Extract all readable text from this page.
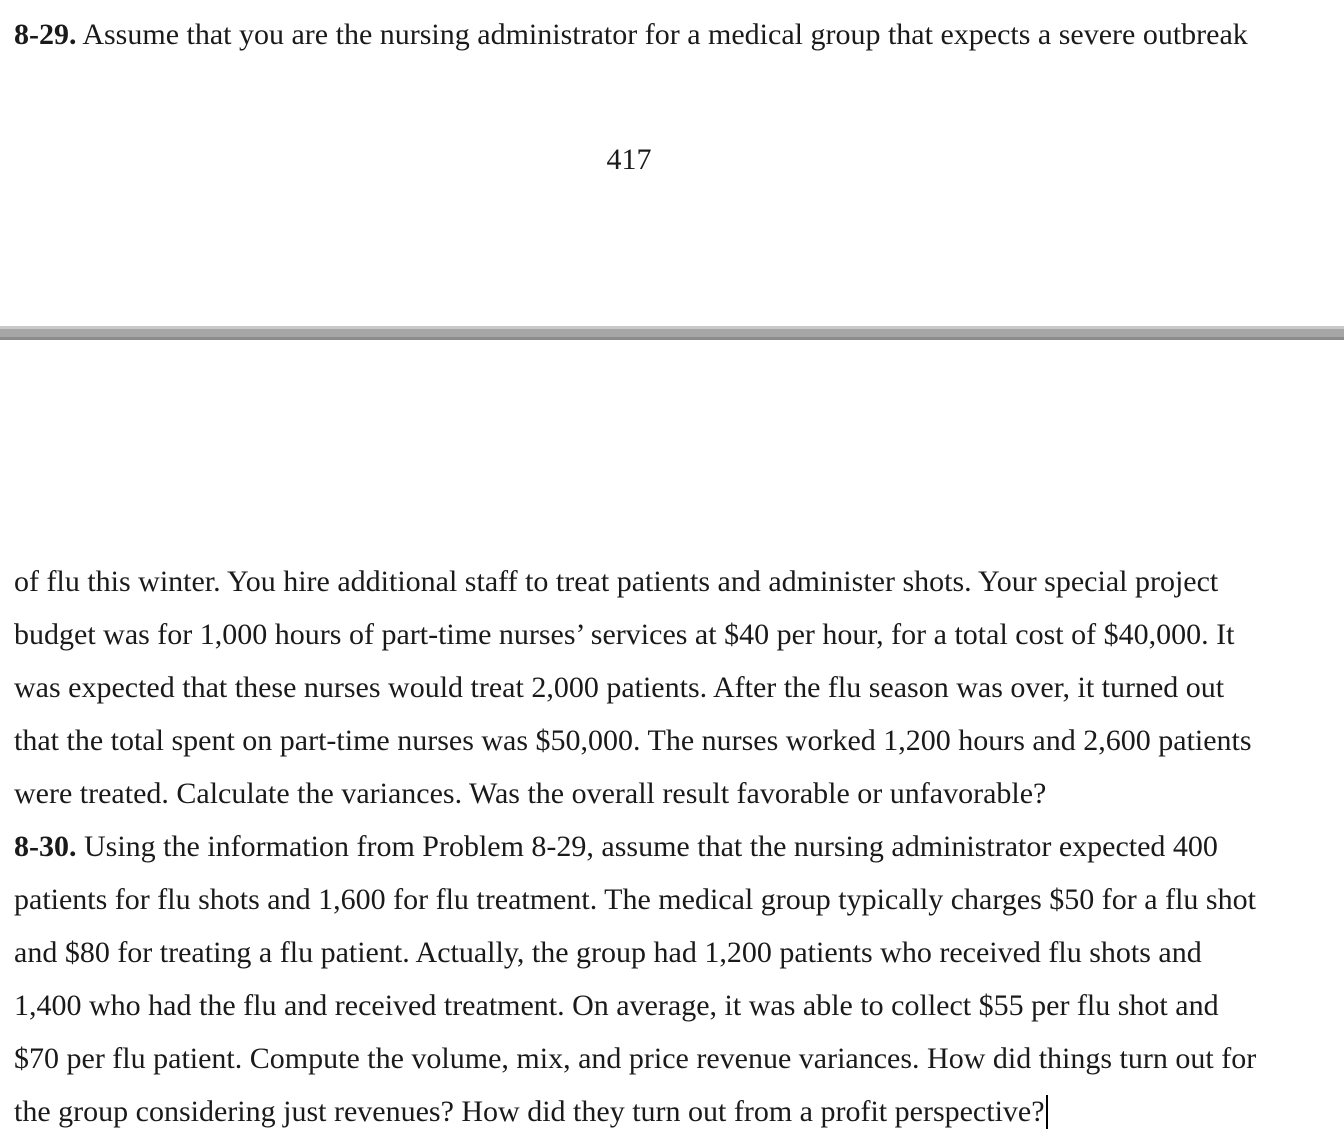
8-29. Assume that you are the nursing administrator for a medical group that expects a severe outbreak
417
of flu this winter. You hire additional staff to treat patients and administer shots. Your special project
budget was for 1,000 hours of part-time nurses’ services at $40 per hour, for a total cost of $40,000. It
was expected that these nurses would treat 2,000 patients. After the flu season was over, it turned out
that the total spent on part-time nurses was $50,000. The nurses worked 1,200 hours and 2,600 patients
were treated. Calculate the variances. Was the overall result favorable or unfavorable?
8-30. Using the information from Problem 8-29, assume that the nursing administrator expected 400
patients for flu shots and 1,600 for flu treatment. The medical group typically charges $50 for a flu shot
and $80 for treating a flu patient. Actually, the group had 1,200 patients who received flu shots and
1,400 who had the flu and received treatment. On average, it was able to collect $55 per flu shot and
$70 per flu patient. Compute the volume, mix, and price revenue variances. How did things turn out for
the group considering just revenues? How did they turn out from a profit perspective?
